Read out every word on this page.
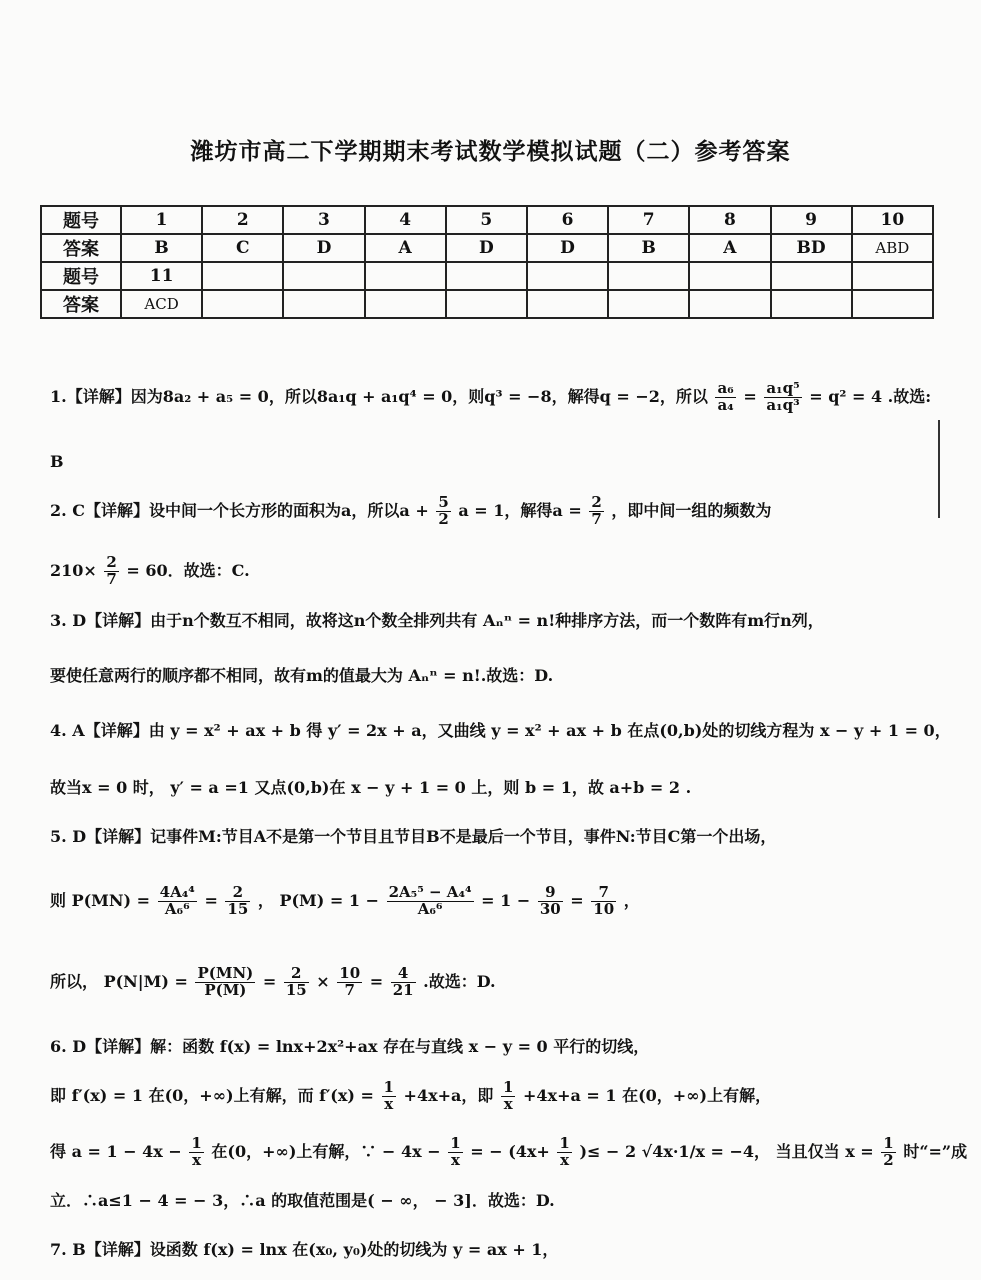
潍坊市高二下学期期末考试数学模拟试题（二）参考答案
题号	1	2	3	4	5	6	7	8	9	10
答案	B	C	D	A	D	D	B	A	BD	ABD
题号	11									
答案	ACD									
1.【详解】因为8a₂ + a₅ = 0，所以8a₁q + a₁q⁴ = 0，则q³ = −8，解得q = −2，所以 $\frac{\text{a₆}}{\text{a₄}} = \frac{\text{a₁q⁵}}{\text{a₁q³}} = q^2 = 4$ .故选:
B
2. C【详解】设中间一个长方形的面积为a，所以$a + \frac{5}{2}$ a = 1，解得$a = \frac{2}{7}$ ，即中间一组的频数为
$210\times \frac{2}{7} = 60$．故选：C.
3. D【详解】由于n个数互不相同，故将这n个数全排列共有 Aₙⁿ = n!种排序方法，而一个数阵有m行n列，
要使任意两行的顺序都不相同，故有m的值最大为 Aₙⁿ = n!.故选：D.
4. A【详解】由 y = x² + ax + b 得 y′ = 2x + a，又曲线 y = x² + ax + b 在点(0,b)处的切线方程为 x − y + 1 = 0，
故当x = 0 时， y′ = a =1 又点(0,b)在 x − y + 1 = 0 上，则 b = 1，故 a+b = 2 .
5. D【详解】记事件M:节目A不是第一个节目且节目B不是最后一个节目，事件N:节目C第一个出场，
则 $P(MN) = \frac{\text{4A₄⁴}}{\text{A₆⁶}} = \frac{2}{15}$ ， $P(M) = 1 - \frac{\text{2A₅⁵ − A₄⁴}}{\text{A₆⁶}} = 1 - \frac{9}{30} = \frac{7}{10}$ ，
所以， $P(N|M) = \frac{P(MN)}{P(M)} = \frac{2}{15} \times \frac{10}{7} = \frac{4}{21}$ .故选：D.
6. D【详解】解：函数 f(x) = lnx+2x²+ax 存在与直线 x − y = 0 平行的切线，
即 f′(x) = 1 在(0，+∞)上有解，而 $f'(x) = \frac{1}{x} +4x+a$，即 $\frac{1}{x} +4x+a = 1$ 在(0，+∞)上有解，
得 $a = 1 - 4x - \frac{1}{x}$ 在(0，+∞)上有解，∵ − $4x - \frac{1}{x}$ = − ($4x+ \frac{1}{x}$ )≤ − 2 √4x·1/x = −4， 当且仅当 $x = \frac{1}{2}$ 时“=”成
立．∴a≤1 − 4 = − 3，∴a 的取值范围是( − ∞， − 3]．故选：D.
7. B【详解】设函数 f(x) = lnx 在(x₀, y₀)处的切线为 y = ax + 1，
